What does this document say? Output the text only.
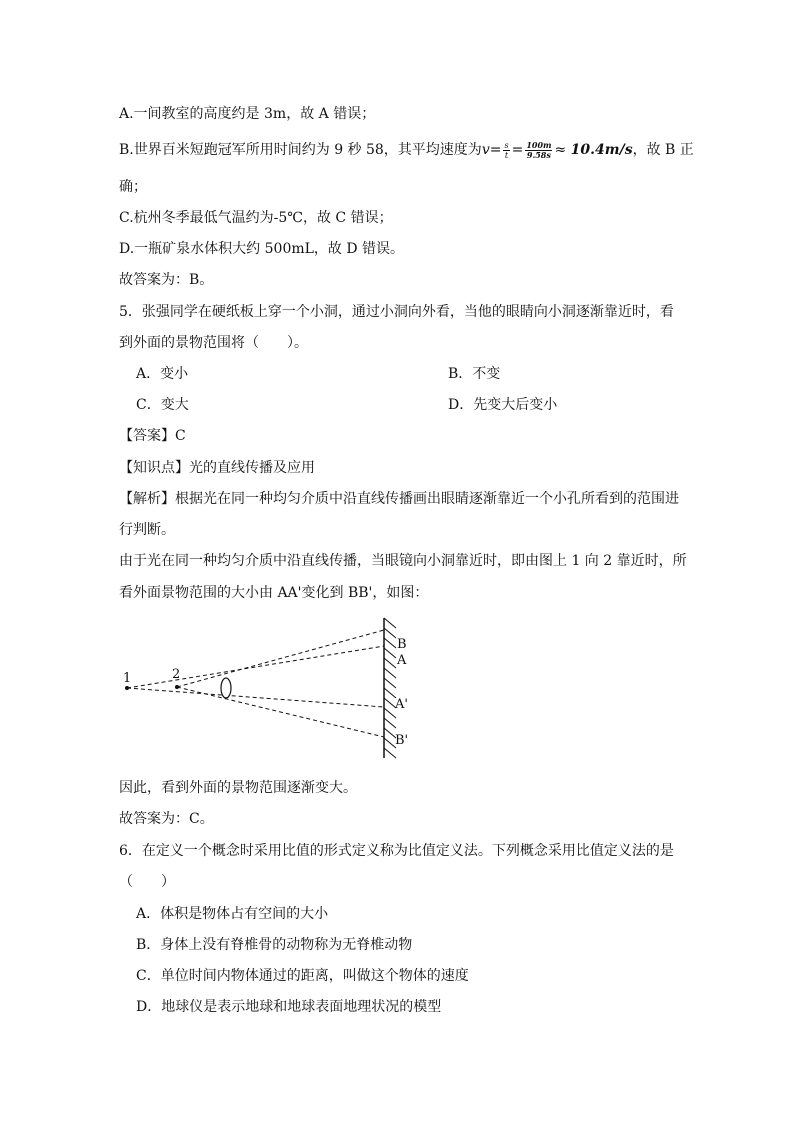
A.一间教室的高度约是 3m，故 A 错误；
B.世界百米短跑冠军所用时间约为 9 秒 58，其平均速度为$v= \frac{s}{t} = \frac{100m}{9.58s} \approx 10.4m/s$，故 B 正
确；
C.杭州冬季最低气温约为-5℃，故 C 错误；
D.一瓶矿泉水体积大约 500mL，故 D 错误。
故答案为：B。
5．张强同学在硬纸板上穿一个小洞，通过小洞向外看，当他的眼睛向小洞逐渐靠近时，看
到外面的景物范围将（　　）。
A．变小	B．不变
C．变大	D．先变大后变小
【答案】C
【知识点】光的直线传播及应用
【解析】根据光在同一种均匀介质中沿直线传播画出眼睛逐渐靠近一个小孔所看到的范围进
行判断。
由于光在同一种均匀介质中沿直线传播，当眼镜向小洞靠近时，即由图上 1 向 2 靠近时，所
看外面景物范围的大小由 AA'变化到 BB'，如图：
1	2
B
A
A'
B'
因此，看到外面的景物范围逐渐变大。
故答案为：C。
6．在定义一个概念时采用比值的形式定义称为比值定义法。下列概念采用比值定义法的是
（　　）
A．体积是物体占有空间的大小
B．身体上没有脊椎骨的动物称为无脊椎动物
C．单位时间内物体通过的距离，叫做这个物体的速度
D．地球仪是表示地球和地球表面地理状况的模型
